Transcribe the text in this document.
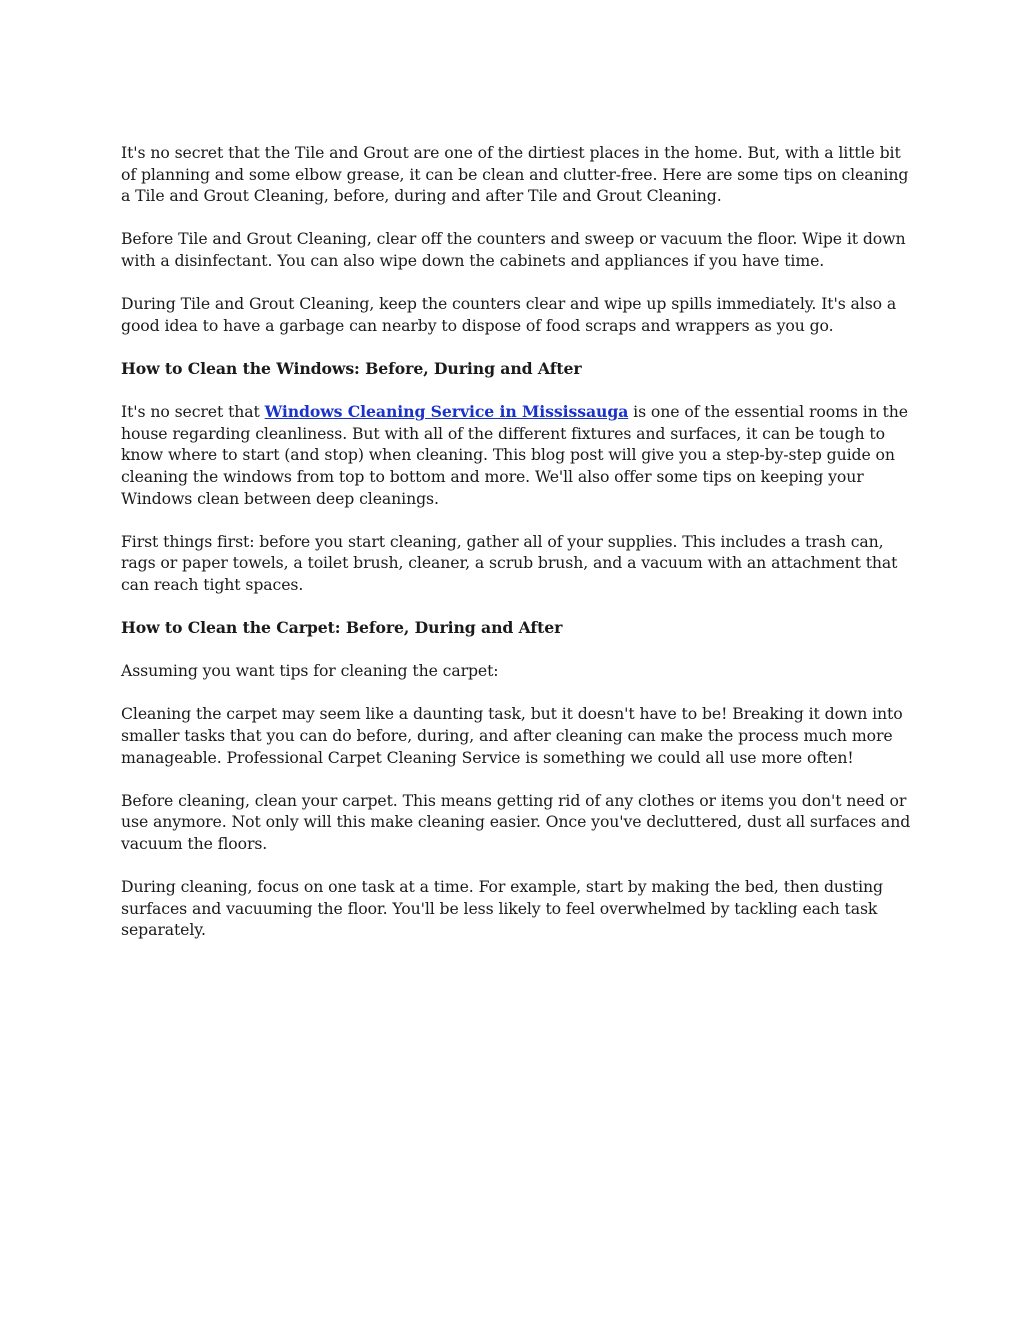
It's no secret that the Tile and Grout are one of the dirtiest places in the home. But, with a little bit of planning and some elbow grease, it can be clean and clutter-free. Here are some tips on cleaning a Tile and Grout Cleaning, before, during and after Tile and Grout Cleaning.

Before Tile and Grout Cleaning, clear off the counters and sweep or vacuum the floor. Wipe it down with a disinfectant. You can also wipe down the cabinets and appliances if you have time.

During Tile and Grout Cleaning, keep the counters clear and wipe up spills immediately. It's also a good idea to have a garbage can nearby to dispose of food scraps and wrappers as you go.

How to Clean the Windows: Before, During and After

It's no secret that Windows Cleaning Service in Mississauga is one of the essential rooms in the house regarding cleanliness. But with all of the different fixtures and surfaces, it can be tough to know where to start (and stop) when cleaning. This blog post will give you a step-by-step guide on cleaning the windows from top to bottom and more. We'll also offer some tips on keeping your Windows clean between deep cleanings.

First things first: before you start cleaning, gather all of your supplies. This includes a trash can, rags or paper towels, a toilet brush, cleaner, a scrub brush, and a vacuum with an attachment that can reach tight spaces.

How to Clean the Carpet: Before, During and After

Assuming you want tips for cleaning the carpet:

Cleaning the carpet may seem like a daunting task, but it doesn't have to be! Breaking it down into smaller tasks that you can do before, during, and after cleaning can make the process much more manageable. Professional Carpet Cleaning Service is something we could all use more often!

Before cleaning, clean your carpet. This means getting rid of any clothes or items you don't need or use anymore. Not only will this make cleaning easier. Once you've decluttered, dust all surfaces and vacuum the floors.

During cleaning, focus on one task at a time. For example, start by making the bed, then dusting surfaces and vacuuming the floor. You'll be less likely to feel overwhelmed by tackling each task separately.
